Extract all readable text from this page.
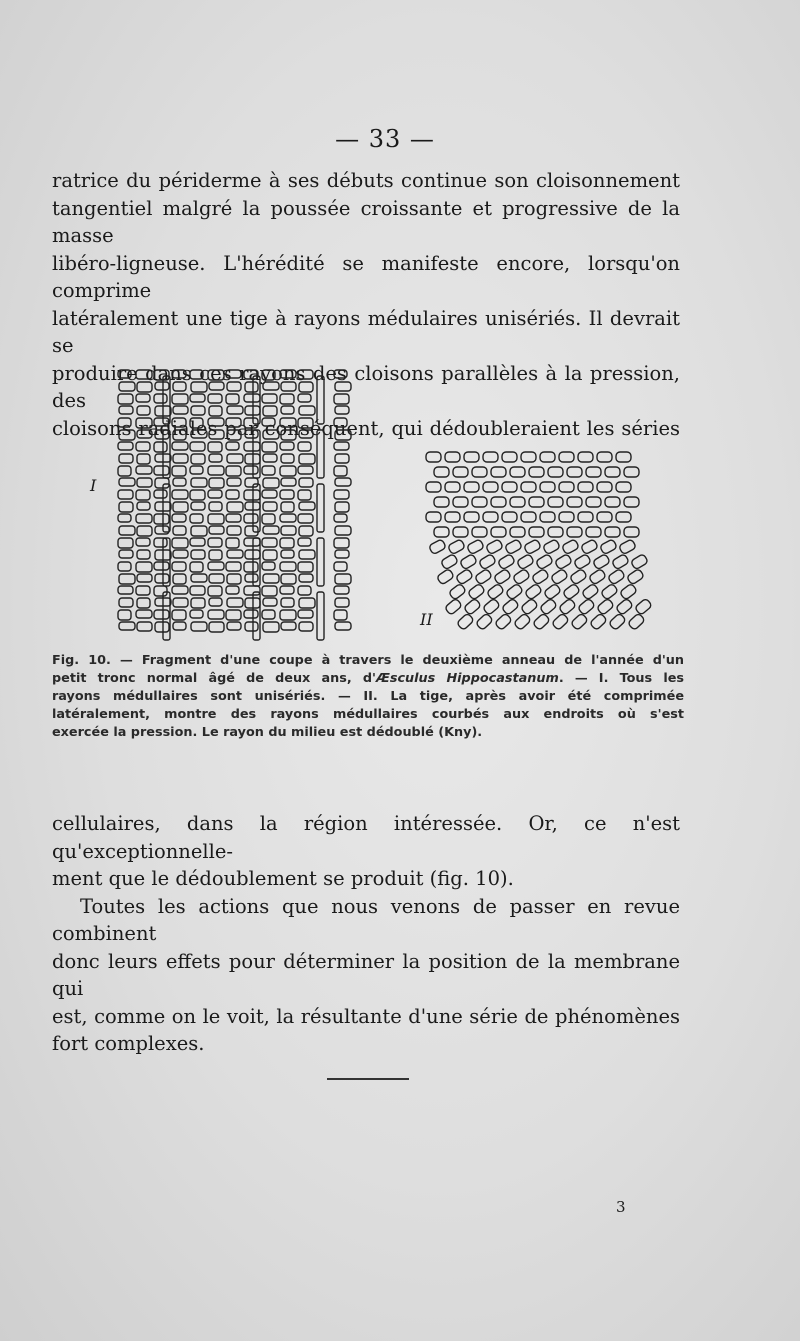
— 33 —
ratrice du périderme à ses débuts continue son cloisonnement
tangentiel malgré la poussée croissante et progressive de la masse
libéro-ligneuse. L'hérédité se manifeste encore, lorsqu'on comprime
latéralement une tige à rayons médulaires unisériés. Il devrait se
produire dans ces rayons des cloisons parallèles à la pression, des
cloisons radiales par conséquent, qui dédoubleraient les séries
I
II
Fig. 10. — Fragment d'une coupe à travers le deuxième anneau de l'année d'un
petit tronc normal âgé de deux ans, d'Æsculus Hippocastanum. — I. Tous les
rayons médullaires sont unisériés. — II. La tige, après avoir été comprimée
latéralement, montre des rayons médullaires courbés aux endroits où s'est
exercée la pression. Le rayon du milieu est dédoublé (Kny).
cellulaires, dans la région intéressée. Or, ce n'est qu'exceptionnelle-
ment que le dédoublement se produit (fig. 10).
Toutes les actions que nous venons de passer en revue combinent
donc leurs effets pour déterminer la position de la membrane qui
est, comme on le voit, la résultante d'une série de phénomènes
fort complexes.
3
